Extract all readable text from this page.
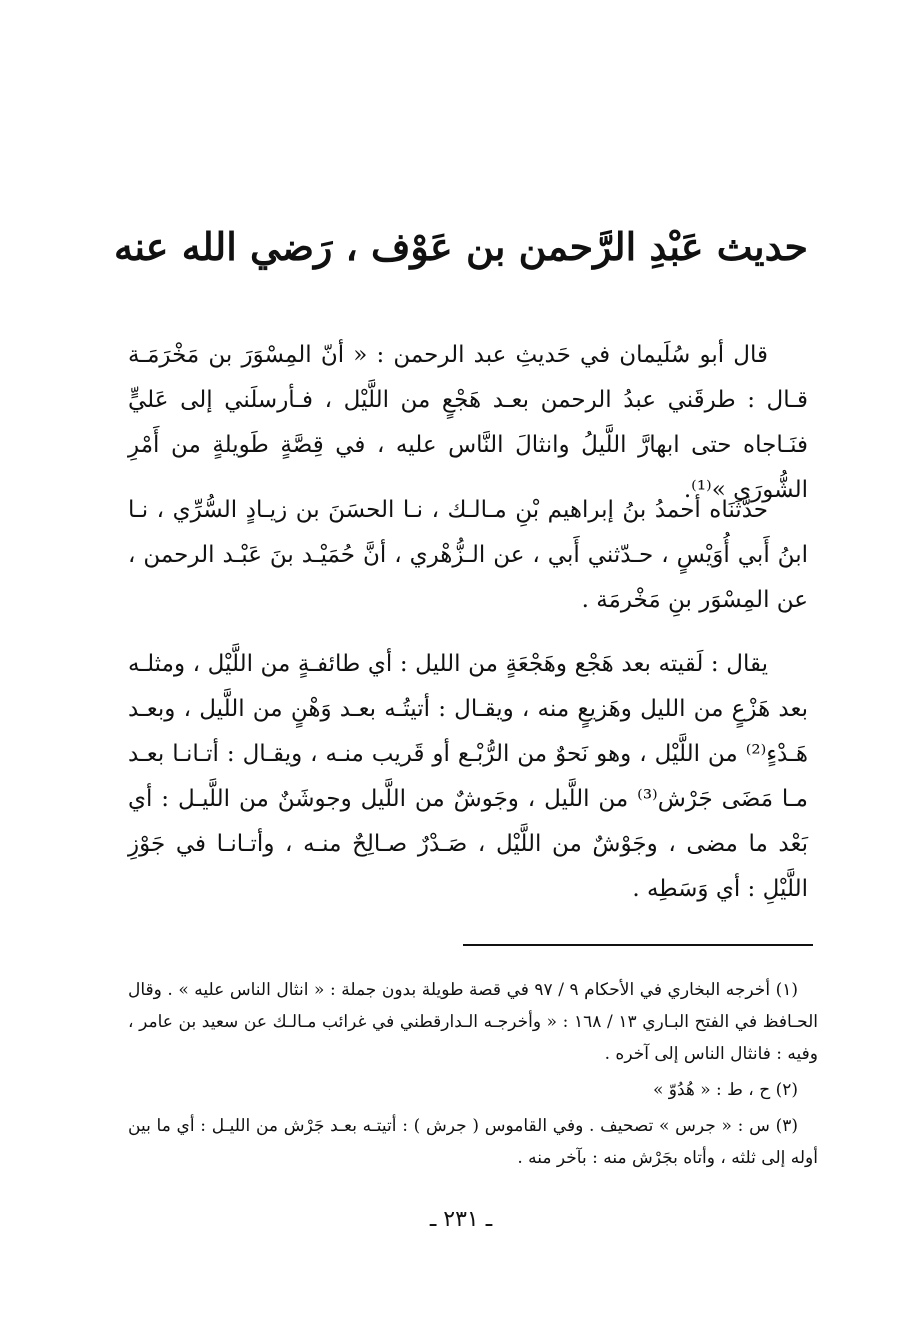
حديث عَبْدِ الرَّحمن بن عَوْف ، رَضي الله عنه

قال أبو سُلَيمان في حَديثِ عبد الرحمن : « أنّ المِسْوَرَ بن مَخْرَمَـة قـال : طرقَني عبدُ الرحمن بعـد هَجْعٍ من اللَّيْل ، فـأرسلَني إلى عَليٍّ فنَـاجاه حتى ابهارَّ اللَّيلُ وانثالَ النَّاس عليه ، في قِصَّةٍ طَويلةٍ من أَمْرِ الشُّورَى »⁽¹⁾.

حدَّثَنَاه أحمدُ بنُ إبراهيم بْنِ مـالـك ، نـا الحسَنَ بن زيـادٍ السُّرِّي ، نـا ابنُ أَبي أُوَيْسٍ ، حـدّثني أَبي ، عن الـزُّهْري ، أنَّ حُمَيْـد بنَ عَبْـد الرحمن ، عن المِسْوَر بنِ مَخْرمَة .

يقال : لَقيته بعد هَجْع وهَجْعَةٍ من الليل : أي طائفـةٍ من اللَّيْل ، ومثلـه بعد هَزْعٍ من الليل وهَزيعٍ منه ، ويقـال : أتيتُـه بعـد وَهْنٍ من اللَّيل ، وبعـد هَـدْءٍ⁽²⁾ من اللَّيْل ، وهو نَحوٌ من الرُّبْـع أو قَريب منـه ، ويقـال : أتـانـا بعـد مـا مَضَى جَرْش⁽³⁾ من اللَّيل ، وجَوشٌ من اللَّيل وجوشَنٌ من اللَّيـل : أي بَعْد ما مضى ، وجَوْشٌ من اللَّيْل ، صَـدْرٌ صـالِحٌ منـه ، وأتـانـا في جَوْزِ اللَّيْلِ : أي وَسَطِه .

(١) أخرجه البخاري في الأحكام ٩ / ٩٧ في قصة طويلة بدون جملة : « انثال الناس عليه » . وقال الحـافظ في الفتح البـاري ١٣ / ١٦٨ : « وأخرجـه الـدارقطني في غرائب مـالـك عن سعيد بن عامر ، وفيه : فانثال الناس إلى آخره .

(٢) ح ، ط : « هُدُوّ »

(٣) س : « جرس » تصحيف . وفي القاموس ( جرش ) : أتيتـه بعـد جَرْش من الليـل : أي ما بين أوله إلى ثلثه ، وأتاه بجَرْش منه : بآخر منه .

ـ ٢٣١ ـ
